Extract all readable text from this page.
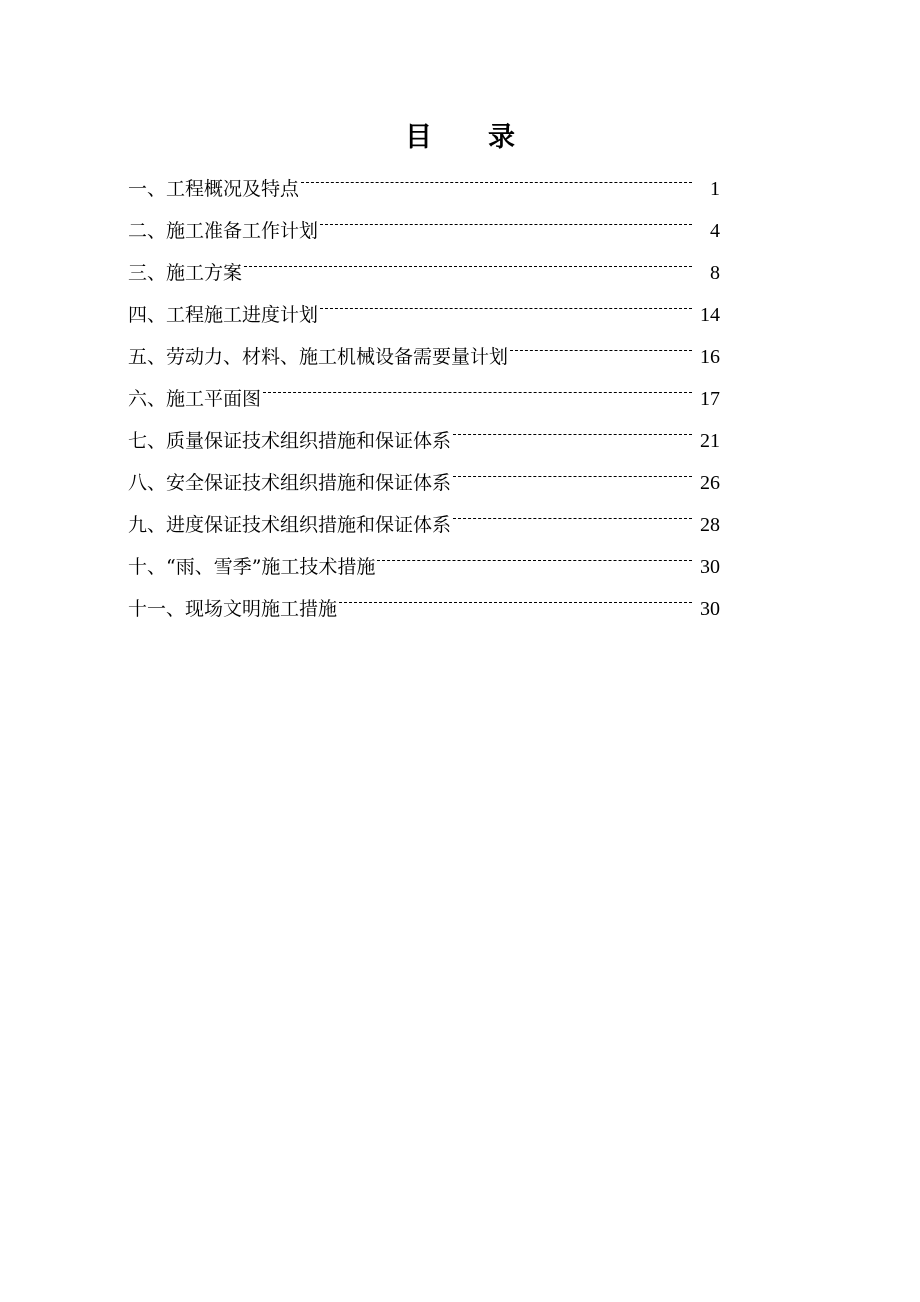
目 录
一、工程概况及特点	1
二、施工准备工作计划	4
三、施工方案	8
四、工程施工进度计划	14
五、劳动力、材料、施工机械设备需要量计划	16
六、施工平面图	17
七、质量保证技术组织措施和保证体系	21
八、安全保证技术组织措施和保证体系	26
九、进度保证技术组织措施和保证体系	28
十、“雨、雪季”施工技术措施	30
十一、现场文明施工措施	30
